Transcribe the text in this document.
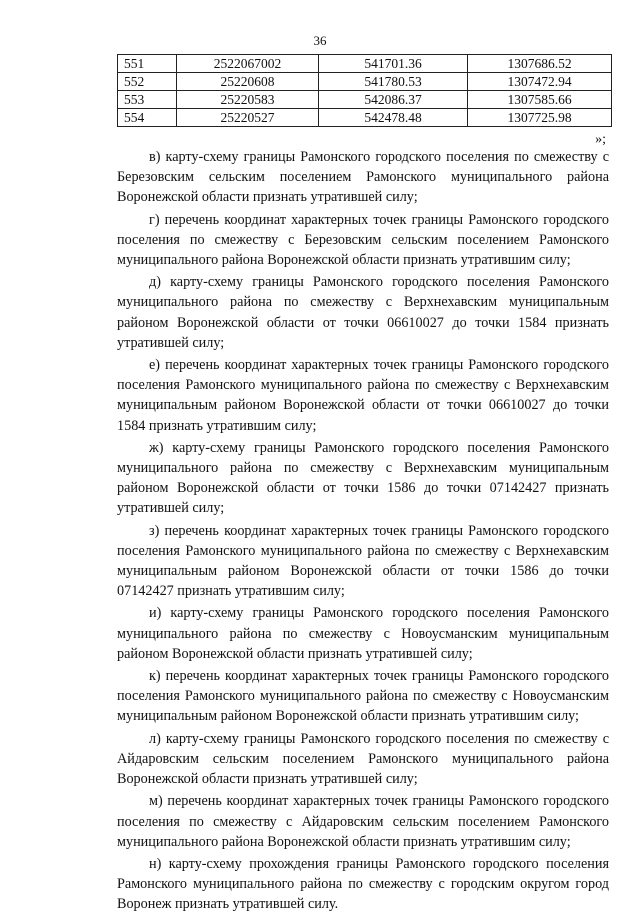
36
551	2522067002	541701.36	1307686.52
552	25220608	541780.53	1307472.94
553	25220583	542086.37	1307585.66
554	25220527	542478.48	1307725.98
»;

в) карту-схему границы Рамонского городского поселения по смежеству с Березовским сельским поселением Рамонского муниципального района Воронежской области признать утратившей силу;

г) перечень координат характерных точек границы Рамонского городского поселения по смежеству с Березовским сельским поселением Рамонского муниципального района Воронежской области признать утратившим силу;

д) карту-схему границы Рамонского городского поселения Рамонского муниципального района по смежеству с Верхнехавским муниципальным районом Воронежской области от точки 06610027 до точки 1584 признать утратившей силу;

е) перечень координат характерных точек границы Рамонского городского поселения Рамонского муниципального района по смежеству с Верхнехавским муниципальным районом Воронежской области от точки 06610027 до точки 1584 признать утратившим силу;

ж) карту-схему границы Рамонского городского поселения Рамонского муниципального района по смежеству с Верхнехавским муниципальным районом Воронежской области от точки 1586 до точки 07142427 признать утратившей силу;

з) перечень координат характерных точек границы Рамонского городского поселения Рамонского муниципального района по смежеству с Верхнехавским муниципальным районом Воронежской области от точки 1586 до точки 07142427 признать утратившим силу;

и) карту-схему границы Рамонского городского поселения Рамонского муниципального района по смежеству с Новоусманским муниципальным районом Воронежской области признать утратившей силу;

к) перечень координат характерных точек границы Рамонского городского поселения Рамонского муниципального района по смежеству с Новоусманским муниципальным районом Воронежской области признать утратившим силу;

л) карту-схему границы Рамонского городского поселения по смежеству с Айдаровским сельским поселением Рамонского муниципального района Воронежской области признать утратившей силу;

м) перечень координат характерных точек границы Рамонского городского поселения по смежеству с Айдаровским сельским поселением Рамонского муниципального района Воронежской области признать утратившим силу;

н) карту-схему прохождения границы Рамонского городского поселения Рамонского муниципального района по смежеству с городским округом город Воронеж признать утратившей силу.
